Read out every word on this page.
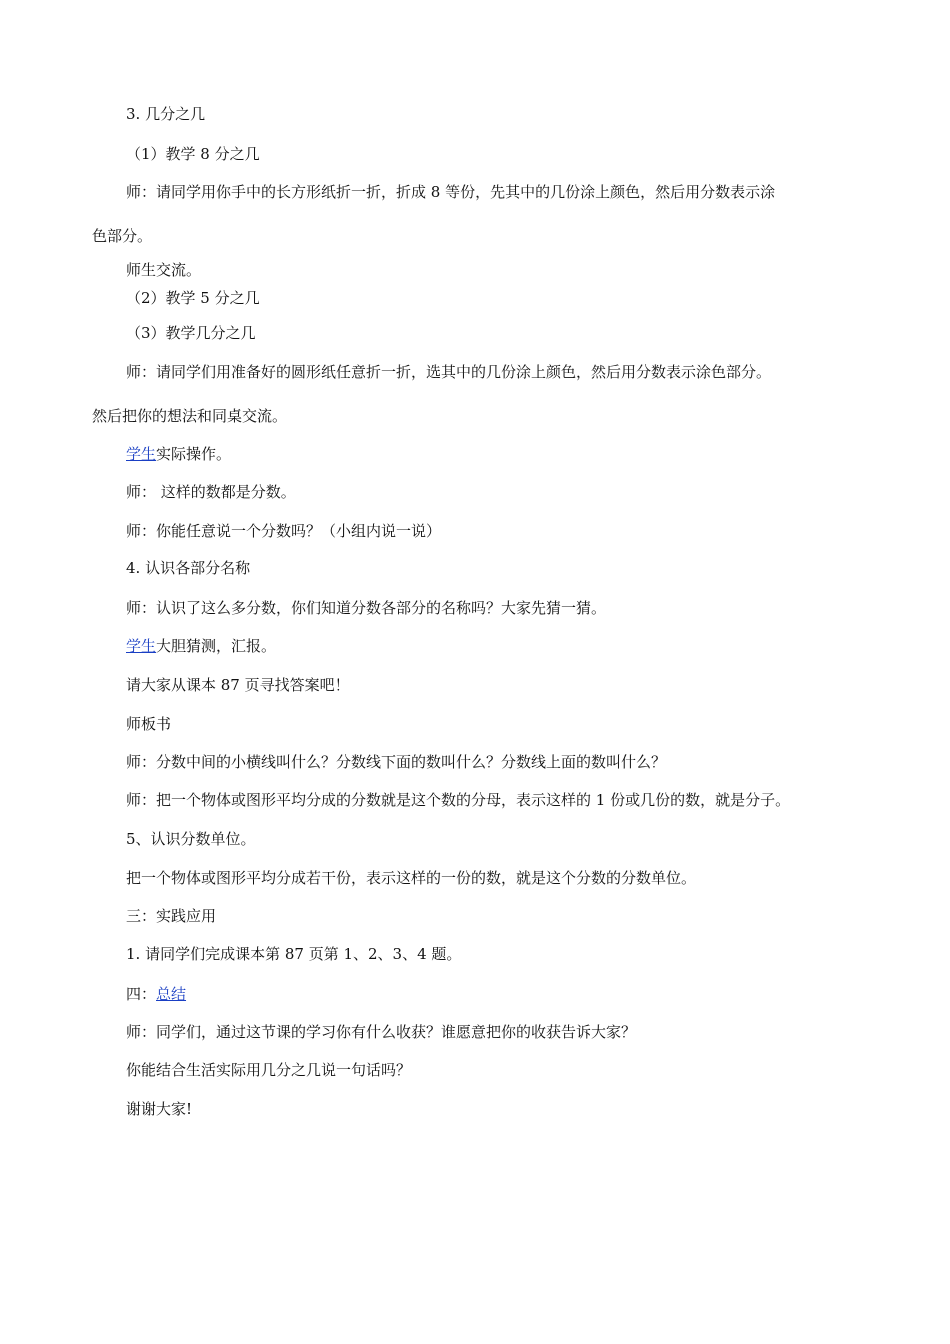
3. 几分之几
（1）教学 8 分之几
师：请同学用你手中的长方形纸折一折，折成 8 等份，先其中的几份涂上颜色，然后用分数表示涂
色部分。
师生交流。
（2）教学 5 分之几
（3）教学几分之几
师：请同学们用准备好的圆形纸任意折一折，选其中的几份涂上颜色，然后用分数表示涂色部分。
然后把你的想法和同桌交流。
学生实际操作。
师： 这样的数都是分数。
师：你能任意说一个分数吗？（小组内说一说）
4. 认识各部分名称
师：认识了这么多分数，你们知道分数各部分的名称吗？大家先猜一猜。
学生大胆猜测，汇报。
请大家从课本 87 页寻找答案吧！
师板书
师：分数中间的小横线叫什么？分数线下面的数叫什么？分数线上面的数叫什么？
师：把一个物体或图形平均分成的分数就是这个数的分母，表示这样的 1 份或几份的数，就是分子。
5、认识分数单位。
把一个物体或图形平均分成若干份，表示这样的一份的数，就是这个分数的分数单位。
三：实践应用
1. 请同学们完成课本第 87 页第 1、2、3、4 题。
四：总结
师：同学们，通过这节课的学习你有什么收获？谁愿意把你的收获告诉大家？
你能结合生活实际用几分之几说一句话吗？
谢谢大家!
